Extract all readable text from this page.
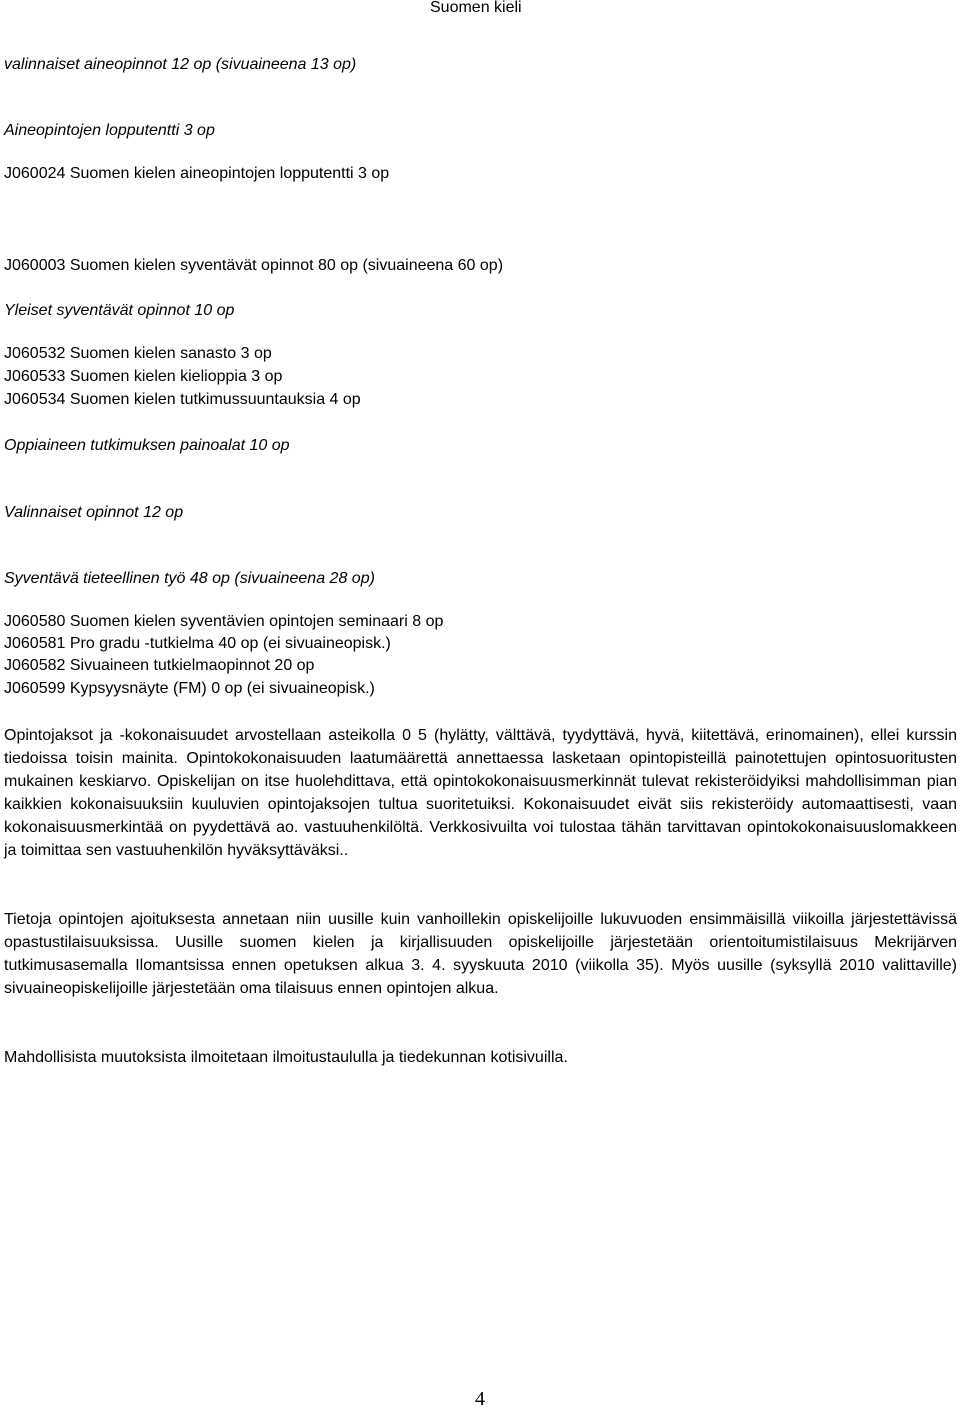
Suomen kieli
valinnaiset aineopinnot 12 op (sivuaineena 13 op)
Aineopintojen lopputentti 3 op
J060024 Suomen kielen aineopintojen lopputentti 3 op
J060003 Suomen kielen syventävät opinnot 80 op (sivuaineena 60 op)
Yleiset syventävät opinnot 10 op
J060532 Suomen kielen sanasto 3 op
J060533 Suomen kielen kielioppia 3 op
J060534 Suomen kielen tutkimussuuntauksia 4 op
Oppiaineen tutkimuksen painoalat 10 op
Valinnaiset opinnot 12 op
Syventävä tieteellinen työ 48 op (sivuaineena 28 op)
J060580 Suomen kielen syventävien opintojen seminaari 8 op
J060581 Pro gradu -tutkielma 40 op (ei sivuaineopisk.)
J060582 Sivuaineen tutkielmaopinnot 20 op
J060599 Kypsyysnäyte (FM) 0 op (ei sivuaineopisk.)
Opintojaksot ja -kokonaisuudet arvostellaan asteikolla 0 5 (hylätty, välttävä, tyydyttävä, hyvä, kiitettävä, erinomainen), ellei kurssin tiedoissa toisin mainita. Opintokokonaisuuden laatumäärettä annettaessa lasketaan opintopisteillä painotettujen opintosuoritusten mukainen keskiarvo. Opiskelijan on itse huolehdittava, että opintokokonaisuusmerkinnät tulevat rekisteröidyiksi mahdollisimman pian kaikkien kokonaisuuksiin kuuluvien opintojaksojen tultua suoritetuiksi. Kokonaisuudet eivät siis rekisteröidy automaattisesti, vaan kokonaisuusmerkintää on pyydettävä ao. vastuuhenkilöltä. Verkkosivuilta voi tulostaa tähän tarvittavan opintokokonaisuuslomakkeen ja toimittaa sen vastuuhenkilön hyväksyttäväksi..
Tietoja opintojen ajoituksesta annetaan niin uusille kuin vanhoillekin opiskelijoille lukuvuoden ensimmäisillä viikoilla järjestettävissä opastustilaisuuksissa. Uusille suomen kielen ja kirjallisuuden opiskelijoille järjestetään orientoitumistilaisuus Mekrijärven tutkimusasemalla Ilomantsissa ennen opetuksen alkua 3. 4. syyskuuta 2010 (viikolla 35). Myös uusille (syksyllä 2010 valittaville) sivuaineopiskelijoille järjestetään oma tilaisuus ennen opintojen alkua.
Mahdollisista muutoksista ilmoitetaan ilmoitustaululla ja tiedekunnan kotisivuilla.
4
